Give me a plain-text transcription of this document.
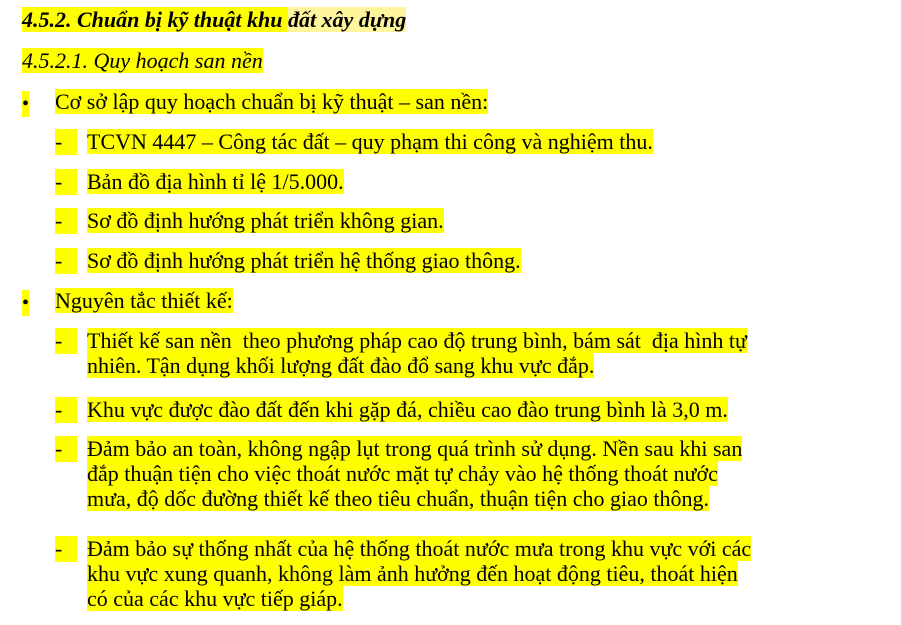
4.5.2. Chuẩn bị kỹ thuật khu đất xây dựng
4.5.2.1. Quy hoạch san nền
• Cơ sở lập quy hoạch chuẩn bị kỹ thuật – san nền:
-	TCVN 4447 – Công tác đất – quy phạm thi công và nghiệm thu.
-	Bản đồ địa hình tỉ lệ 1/5.000.
-	Sơ đồ định hướng phát triển không gian.
-	Sơ đồ định hướng phát triển hệ thống giao thông.
• Nguyên tắc thiết kế:
-	Thiết kế san nền  theo phương pháp cao độ trung bình, bám sát  địa hình tự
nhiên. Tận dụng khối lượng đất đào đổ sang khu vực đắp.
-	Khu vực được đào đất đến khi gặp đá, chiều cao đào trung bình là 3,0 m.
-	Đảm bảo an toàn, không ngập lụt trong quá trình sử dụng. Nền sau khi san
đắp thuận tiện cho việc thoát nước mặt tự chảy vào hệ thống thoát nước
mưa, độ dốc đường thiết kế theo tiêu chuẩn, thuận tiện cho giao thông.
-	Đảm bảo sự thống nhất của hệ thống thoát nước mưa trong khu vực với các
khu vực xung quanh, không làm ảnh hưởng đến hoạt động tiêu, thoát hiện
có của các khu vực tiếp giáp.
